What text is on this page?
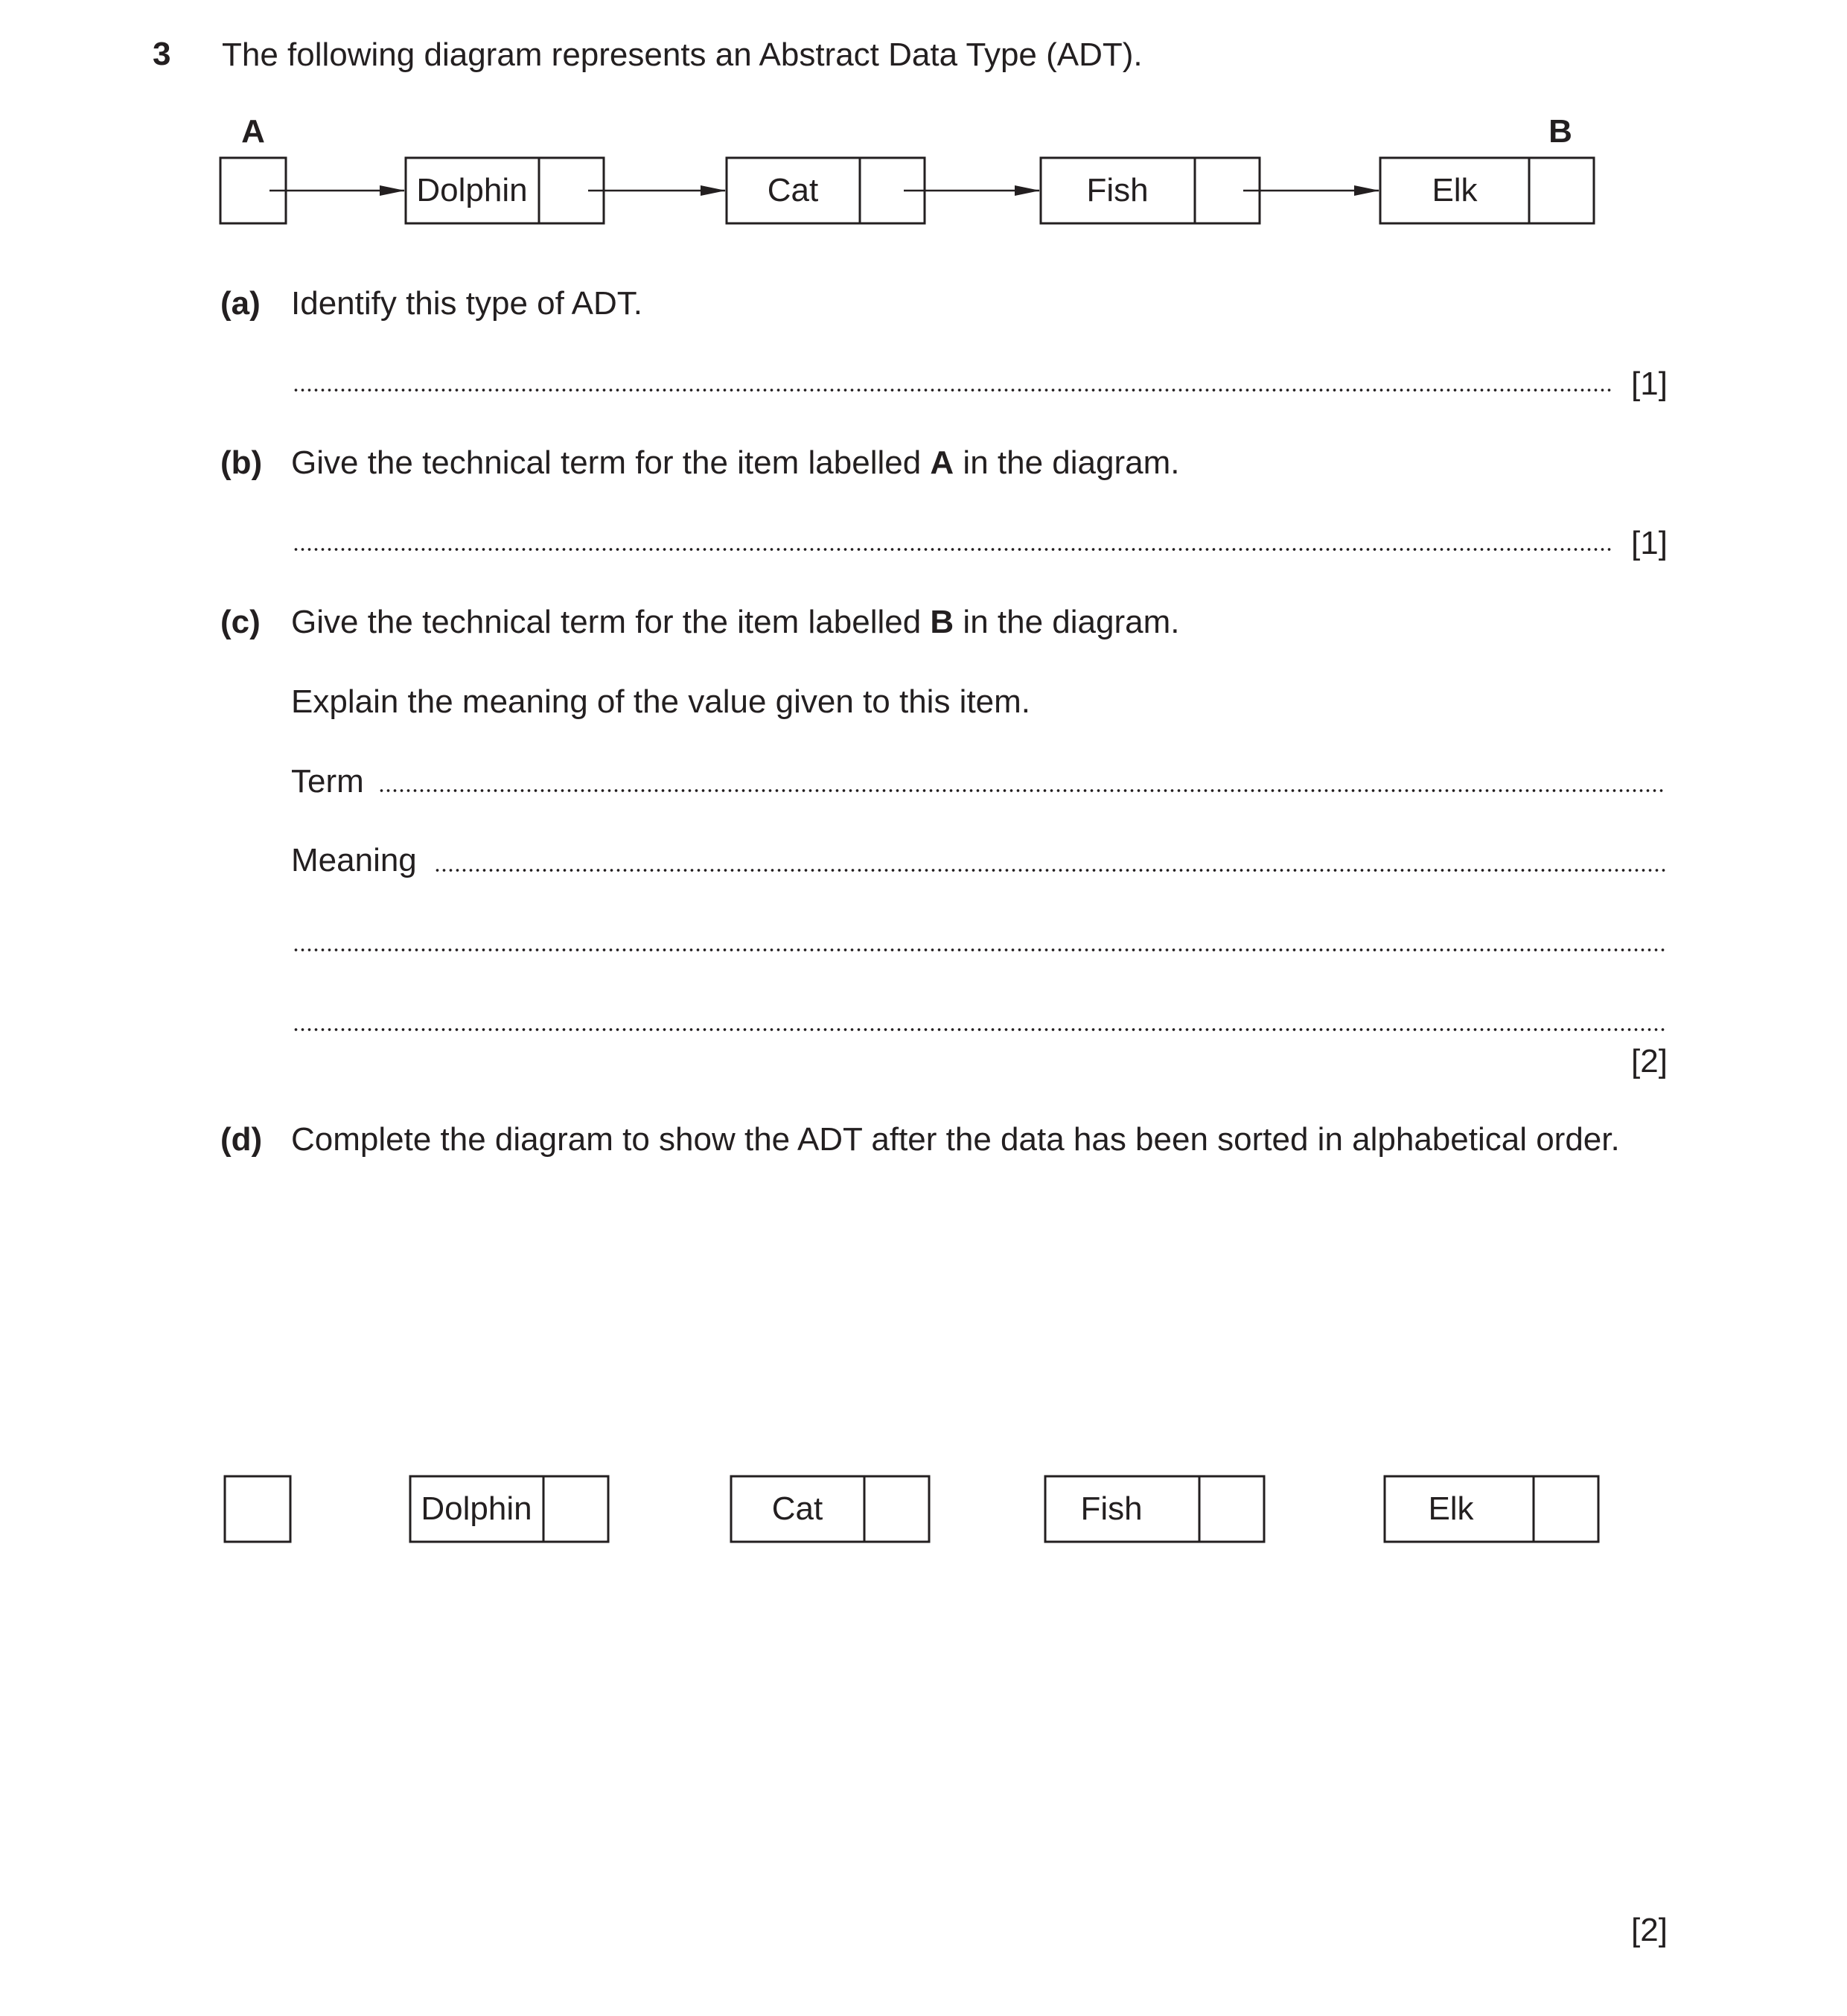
3 The following diagram represents an Abstract Data Type (ADT).
A	B
Dolphin	Cat	Fish	Elk
(a) Identify this type of ADT.
[1]
(b) Give the technical term for the item labelled A in the diagram.
[1]
(c) Give the technical term for the item labelled B in the diagram.
Explain the meaning of the value given to this item.
Term
Meaning
[2]
(d) Complete the diagram to show the ADT after the data has been sorted in alphabetical order.
Dolphin	Cat	Fish	Elk
[2]
